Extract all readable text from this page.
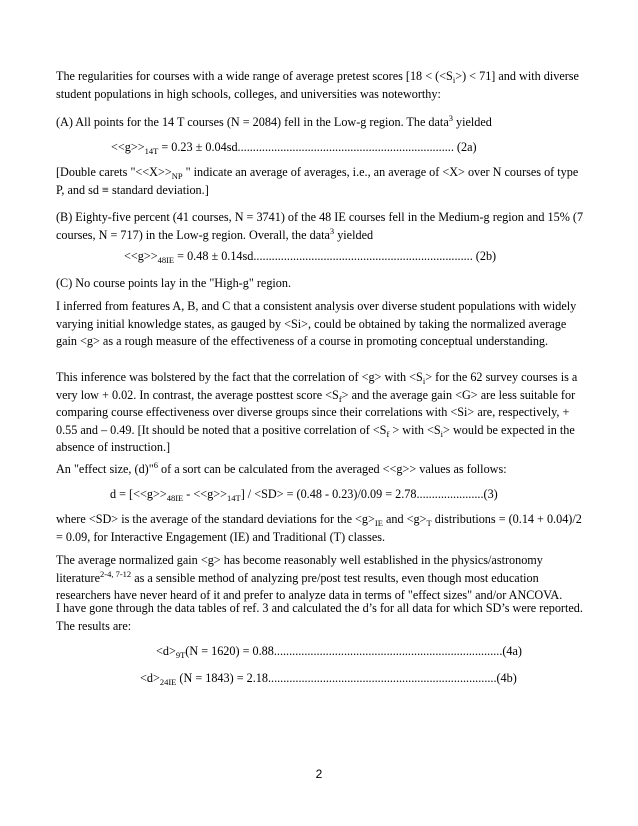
The regularities for courses with a wide range of average pretest scores $[18 < (<S_i>) < 71]$ and with diverse student populations in high schools, colleges, and universities was noteworthy:

(A) All points for the 14 T courses (N = 2084) fell in the Low-g region. The data$^3$ yielded

$<<g>>_{14T} = 0.23 \pm 0.04sd$....................................................................... (2a)

[Double carets "$<<X>>_{NP}$ " indicate an average of averages, i.e., an average of <X> over N courses of type P, and sd ≡ standard deviation.]

(B) Eighty-five percent (41 courses, N = 3741) of the 48 IE courses fell in the Medium-g region and 15% (7 courses, N = 717) in the Low-g region. Overall, the data$^3$ yielded

$<<g>>_{48IE} = 0.48 \pm 0.14sd$........................................................................ (2b)

(C) No course points lay in the "High-g" region.

I inferred from features A, B, and C that a consistent analysis over diverse student populations with widely varying initial knowledge states, as gauged by <Si>, could be obtained by taking the normalized average gain <g> as a rough measure of the effectiveness of a course in promoting conceptual understanding.

This inference was bolstered by the fact that the correlation of <g> with $<S_i>$ for the 62 survey courses is a very low + 0.02. In contrast, the average posttest score $<S_f>$ and the average gain <G> are less suitable for comparing course effectiveness over diverse groups since their correlations with <Si> are, respectively, + 0.55 and – 0.49. [It should be noted that a positive correlation of $<S_f$ > with $<S_i>$ would be expected in the absence of instruction.]

An "effect size, (d)"$^6$ of a sort can be calculated from the averaged <<g>> values as follows:

$d = [<<g>>_{48IE} - <<g>>_{14T}] / <SD> = (0.48 - 0.23)/0.09 = 2.78......................(3)$

where <SD> is the average of the standard deviations for the $<g>_{IE}$ and $<g>_T$ distributions = (0.14 + 0.04)/2 = 0.09, for Interactive Engagement (IE) and Traditional (T) classes.

The average normalized gain <g> has become reasonably well established in the physics/astronomy literature$^{2-4, 7-12}$ as a sensible method of analyzing pre/post test results, even though most education researchers have never heard of it and prefer to analyze data in terms of "effect sizes" and/or ANCOVA.

I have gone through the data tables of ref. 3 and calculated the d’s for all data for which SD’s were reported. The results are:

$<d>_{9T}(N = 1620) = 0.88...........................................................................(4a)$
$<d>_{24IE}$ (N = 1843) = 2.18...........................................................................(4b)
2
